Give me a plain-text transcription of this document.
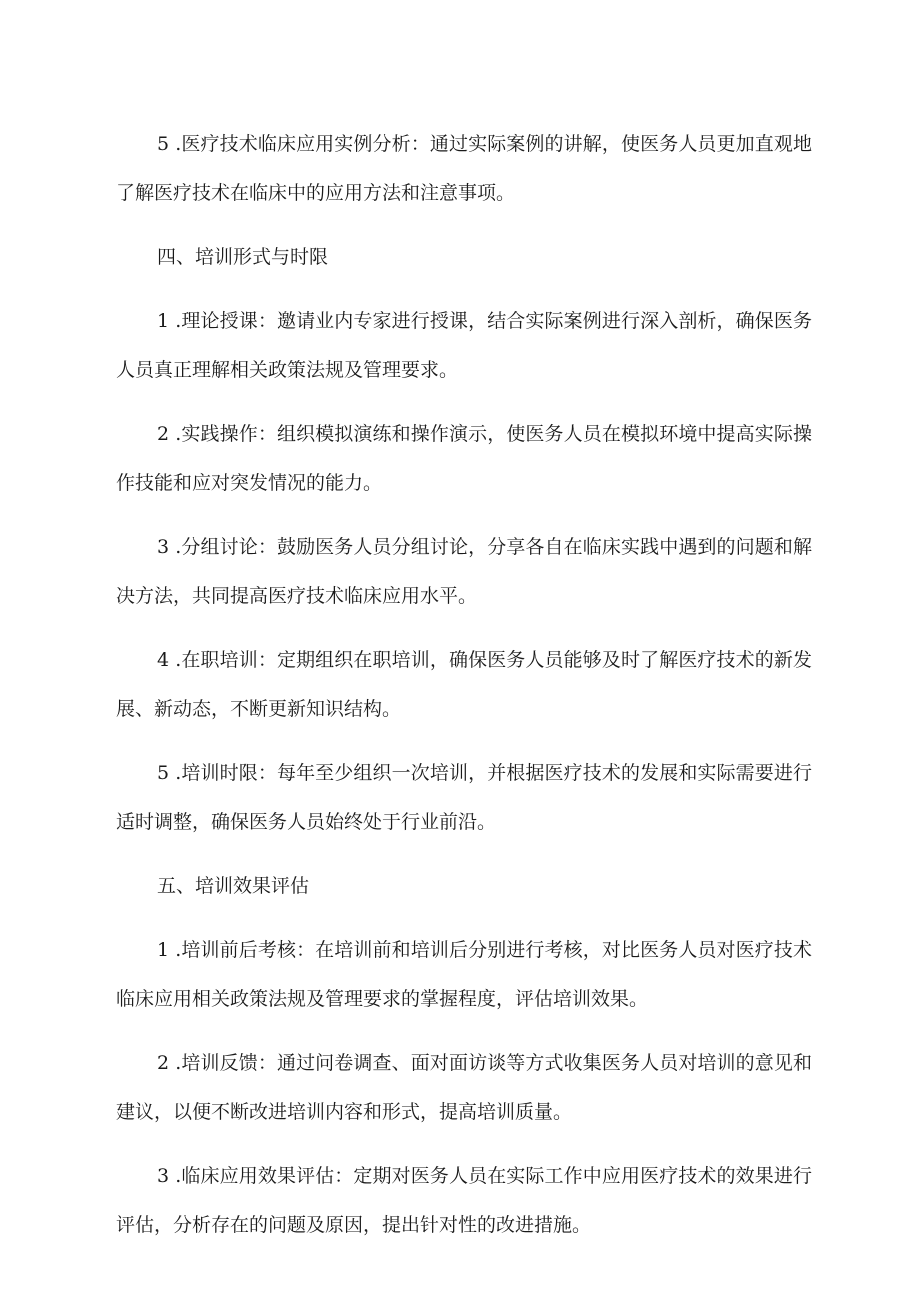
5 .医疗技术临床应用实例分析：通过实际案例的讲解，使医务人员更加直观地了解医疗技术在临床中的应用方法和注意事项。

四、培训形式与时限

1 .理论授课：邀请业内专家进行授课，结合实际案例进行深入剖析，确保医务人员真正理解相关政策法规及管理要求。

2 .实践操作：组织模拟演练和操作演示，使医务人员在模拟环境中提高实际操作技能和应对突发情况的能力。

3 .分组讨论：鼓励医务人员分组讨论，分享各自在临床实践中遇到的问题和解决方法，共同提高医疗技术临床应用水平。

4 .在职培训：定期组织在职培训，确保医务人员能够及时了解医疗技术的新发展、新动态，不断更新知识结构。

5 .培训时限：每年至少组织一次培训，并根据医疗技术的发展和实际需要进行适时调整，确保医务人员始终处于行业前沿。

五、培训效果评估

1 .培训前后考核：在培训前和培训后分别进行考核，对比医务人员对医疗技术临床应用相关政策法规及管理要求的掌握程度，评估培训效果。

2 .培训反馈：通过问卷调查、面对面访谈等方式收集医务人员对培训的意见和建议，以便不断改进培训内容和形式，提高培训质量。

3 .临床应用效果评估：定期对医务人员在实际工作中应用医疗技术的效果进行评估，分析存在的问题及原因，提出针对性的改进措施。
